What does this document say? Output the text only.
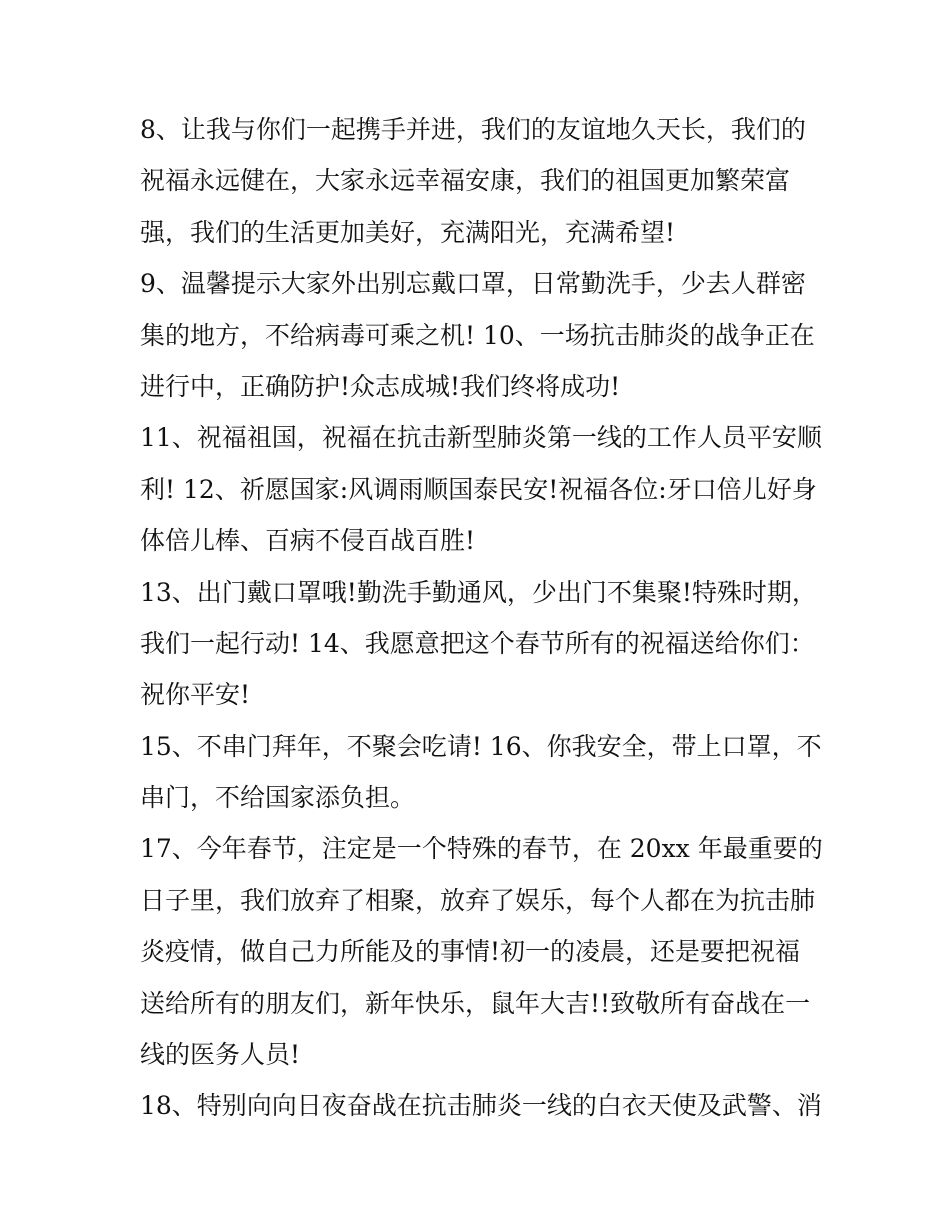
8、让我与你们一起携手并进，我们的友谊地久天长，我们的
祝福永远健在，大家永远幸福安康，我们的祖国更加繁荣富
强，我们的生活更加美好，充满阳光，充满希望!
9、温馨提示大家外出别忘戴口罩，日常勤洗手，少去人群密
集的地方，不给病毒可乘之机! 10、一场抗击肺炎的战争正在
进行中，正确防护!众志成城!我们终将成功!
11、祝福祖国，祝福在抗击新型肺炎第一线的工作人员平安顺
利! 12、祈愿国家:风调雨顺国泰民安!祝福各位:牙口倍儿好身
体倍儿棒、百病不侵百战百胜!
13、出门戴口罩哦!勤洗手勤通风，少出门不集聚!特殊时期，
我们一起行动! 14、我愿意把这个春节所有的祝福送给你们：
祝你平安!
15、不串门拜年，不聚会吃请! 16、你我安全，带上口罩，不
串门，不给国家添负担。
17、今年春节，注定是一个特殊的春节，在 20xx 年最重要的
日子里，我们放弃了相聚，放弃了娱乐，每个人都在为抗击肺
炎疫情，做自己力所能及的事情!初一的凌晨，还是要把祝福
送给所有的朋友们，新年快乐，鼠年大吉!!致敬所有奋战在一
线的医务人员!
18、特别向向日夜奋战在抗击肺炎一线的白衣天使及武警、消
